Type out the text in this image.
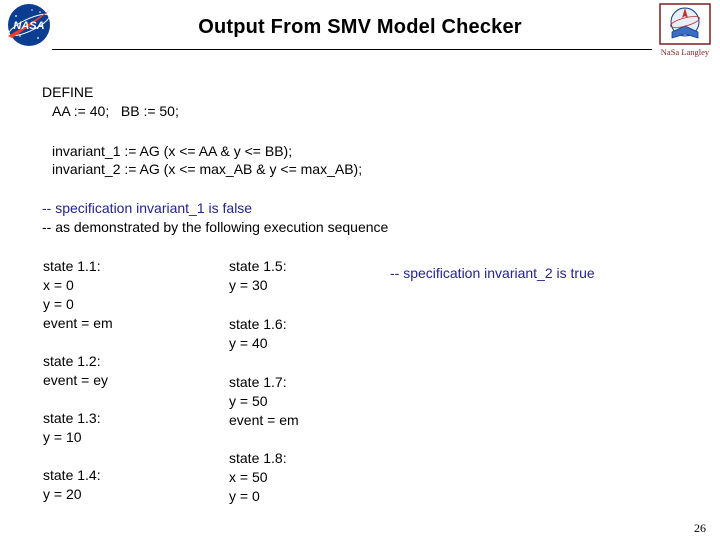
NASA	Output From SMV Model Checker
NaSa Langley
DEFINE
AA := 40;   BB := 50;
invariant_1 := AG (x <= AA & y <= BB);
invariant_2 := AG (x <= max_AB & y <= max_AB);
-- specification invariant_1 is false
-- as demonstrated by the following execution sequence
state 1.1:
x = 0
y = 0
event = em
state 1.2:
event = ey
state 1.3:
y = 10
state 1.4:
y = 20
state 1.5:
y = 30
state 1.6:
y = 40
state 1.7:
y = 50
event = em
state 1.8:
x = 50
y = 0
-- specification invariant_2 is true
26
